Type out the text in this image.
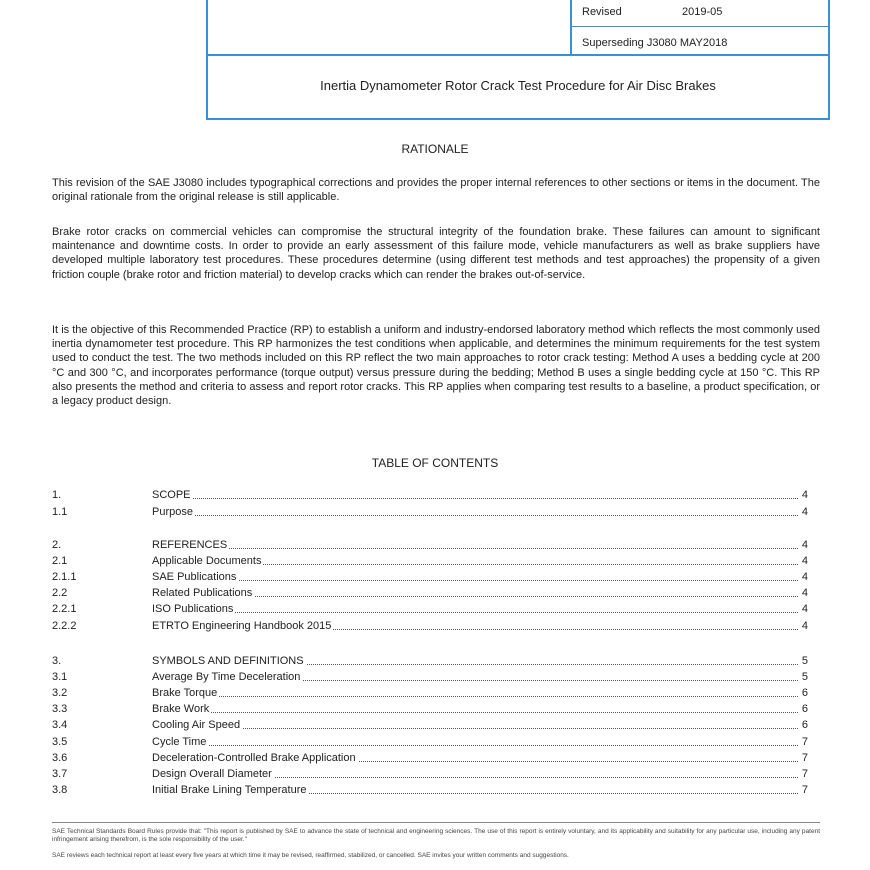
Revised	2019-05
Superseding J3080 MAY2018
Inertia Dynamometer Rotor Crack Test Procedure for Air Disc Brakes
RATIONALE

This revision of the SAE J3080 includes typographical corrections and provides the proper internal references to other sections or items in the document. The original rationale from the original release is still applicable.

Brake rotor cracks on commercial vehicles can compromise the structural integrity of the foundation brake. These failures can amount to significant maintenance and downtime costs. In order to provide an early assessment of this failure mode, vehicle manufacturers as well as brake suppliers have developed multiple laboratory test procedures. These procedures determine (using different test methods and test approaches) the propensity of a given friction couple (brake rotor and friction material) to develop cracks which can render the brakes out-of-service.

It is the objective of this Recommended Practice (RP) to establish a uniform and industry-endorsed laboratory method which reflects the most commonly used inertia dynamometer test procedure. This RP harmonizes the test conditions when applicable, and determines the minimum requirements for the test system used to conduct the test. The two methods included on this RP reflect the two main approaches to rotor crack testing: Method A uses a bedding cycle at 200 °C and 300 °C, and incorporates performance (torque output) versus pressure during the bedding; Method B uses a single bedding cycle at 150 °C. This RP also presents the method and criteria to assess and report rotor cracks. This RP applies when comparing test results to a baseline, a product specification, or a legacy product design.

TABLE OF CONTENTS
1.	SCOPE	4
1.1	Purpose	4
2.	REFERENCES	4
2.1	Applicable Documents	4
2.1.1	SAE Publications	4
2.2	Related Publications	4
2.2.1	ISO Publications	4
2.2.2	ETRTO Engineering Handbook 2015	4
3.	SYMBOLS AND DEFINITIONS	5
3.1	Average By Time Deceleration	5
3.2	Brake Torque	6
3.3	Brake Work	6
3.4	Cooling Air Speed	6
3.5	Cycle Time	7
3.6	Deceleration-Controlled Brake Application	7
3.7	Design Overall Diameter	7
3.8	Initial Brake Lining Temperature	7

SAE Technical Standards Board Rules provide that: "This report is published by SAE to advance the state of technical and engineering sciences. The use of this report is entirely voluntary, and its applicability and suitability for any particular use, including any patent infringement arising therefrom, is the sole responsibility of the user."

SAE reviews each technical report at least every five years at which time it may be revised, reaffirmed, stabilized, or cancelled. SAE invites your written comments and suggestions.
